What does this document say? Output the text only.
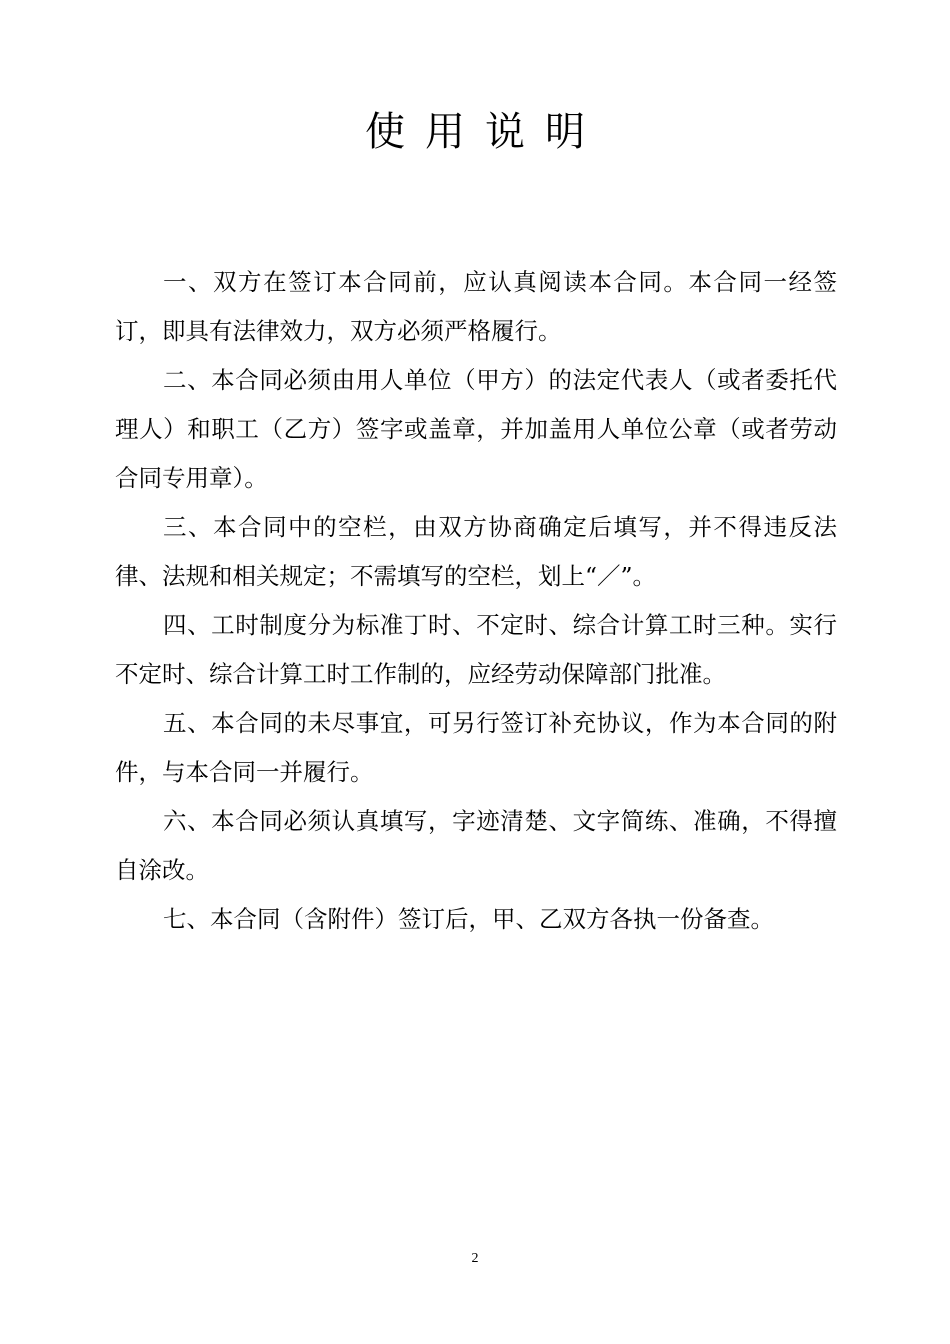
使用说明

一、双方在签订本合同前，应认真阅读本合同。本合同一经签订，即具有法律效力，双方必须严格履行。

二、本合同必须由用人单位（甲方）的法定代表人（或者委托代理人）和职工（乙方）签字或盖章，并加盖用人单位公章（或者劳动合同专用章）。

三、本合同中的空栏，由双方协商确定后填写，并不得违反法律、法规和相关规定；不需填写的空栏，划上“／”。

四、工时制度分为标准丁时、不定时、综合计算工时三种。实行不定时、综合计算工时工作制的，应经劳动保障部门批准。

五、本合同的未尽事宜，可另行签订补充协议，作为本合同的附件，与本合同一并履行。

六、本合同必须认真填写，字迹清楚、文字简练、准确，不得擅自涂改。

七、本合同（含附件）签订后，甲、乙双方各执一份备查。

2
